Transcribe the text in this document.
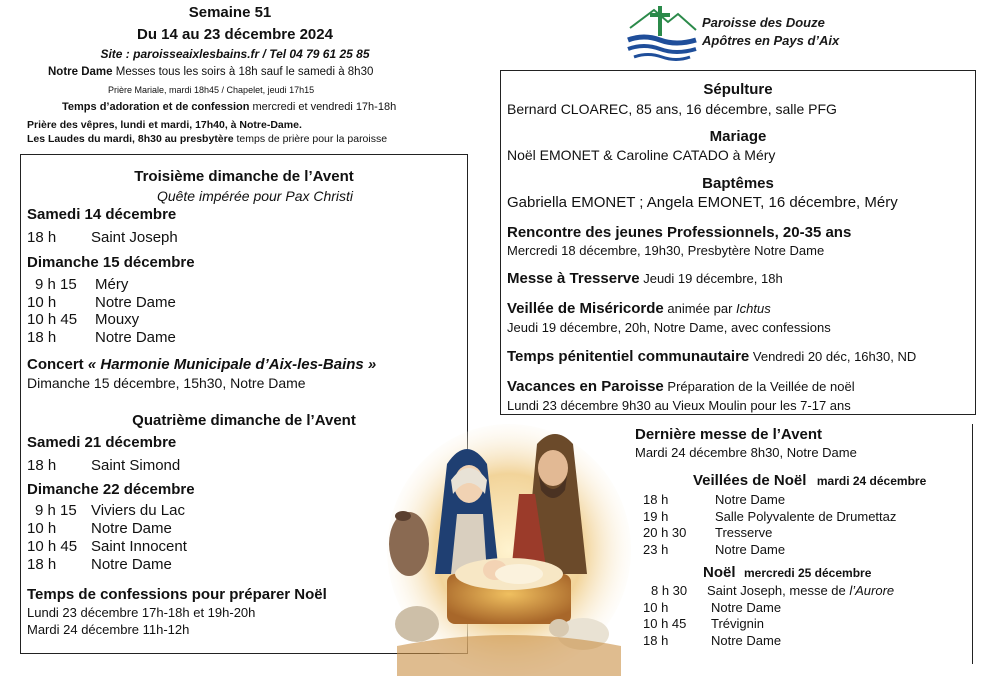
Semaine 51
Du 14 au 23 décembre 2024
Site : paroisseaixlesbains.fr / Tel 04 79 61 25 85
Notre Dame Messes tous les soirs à 18h sauf le samedi à 8h30
Prière Mariale, mardi 18h45 / Chapelet, jeudi 17h15
Temps d’adoration et de confession mercredi et vendredi 17h-18h
Prière des vêpres, lundi et mardi, 17h40, à Notre-Dame.
Les Laudes du mardi, 8h30 au presbytère temps de prière pour la paroisse
Paroisse des Douze
Apôtres en Pays d’Aix
Troisième dimanche de l’Avent
Quête impérée pour Pax Christi
Samedi 14 décembre
18 h Saint Joseph
Dimanche 15 décembre
9 h 15 Méry
10 h	Notre Dame
10 h 45 Mouxy
18 h	Notre Dame
Concert « Harmonie Municipale d’Aix-les-Bains »
Dimanche 15 décembre, 15h30, Notre Dame
Quatrième dimanche de l’Avent
Samedi 21 décembre
18 h Saint Simond
Dimanche 22 décembre
9 h 15 Viviers du Lac
10 h Notre Dame
10 h 45 Saint Innocent
18 h Notre Dame
Temps de confessions pour préparer Noël
Lundi 23 décembre 17h-18h et 19h-20h
Mardi 24 décembre 11h-12h
Sépulture
Bernard CLOAREC, 85 ans, 16 décembre, salle PFG
Mariage
Noël EMONET & Caroline CATADO à Méry
Baptêmes
Gabriella EMONET ; Angela EMONET, 16 décembre, Méry
Rencontre des jeunes Professionnels, 20-35 ans
Mercredi 18 décembre, 19h30, Presbytère Notre Dame
Messe à Tresserve Jeudi 19 décembre, 18h
Veillée de Miséricorde animée par Ichtus
Jeudi 19 décembre, 20h, Notre Dame, avec confessions
Temps pénitentiel communautaire Vendredi 20 déc, 16h30, ND
Vacances en Paroisse Préparation de la Veillée de noël
Lundi 23 décembre 9h30 au Vieux Moulin pour les 7-17 ans
Dernière messe de l’Avent
Mardi 24 décembre 8h30, Notre Dame
Veillées de Noël mardi 24 décembre
18 h	Notre Dame
19 h	Salle Polyvalente de Drumettaz
20 h 30 Tresserve
23 h	Notre Dame
Noël mercredi 25 décembre
8 h 30 Saint Joseph, messe de l’Aurore
10 h	Notre Dame
10 h 45 Trévignin
18 h	Notre Dame
